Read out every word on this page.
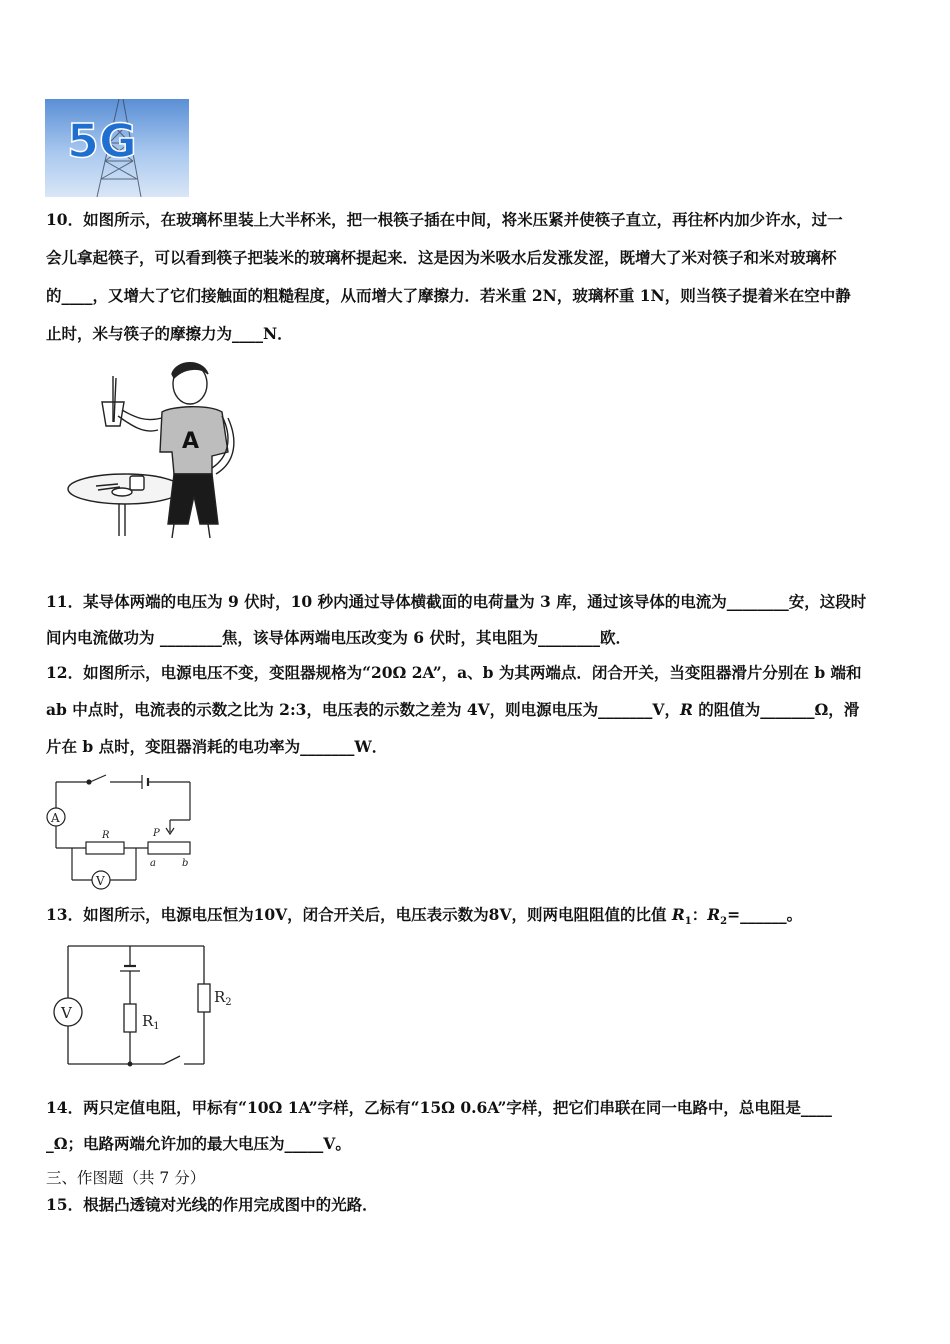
5G
10．如图所示，在玻璃杯里装上大半杯米，把一根筷子插在中间，将米压紧并使筷子直立，再往杯内加少许水，过一
会儿拿起筷子，可以看到筷子把装米的玻璃杯提起来．这是因为米吸水后发涨发涩，既增大了米对筷子和米对玻璃杯
的____，又增大了它们接触面的粗糙程度，从而增大了摩擦力．若米重 2N，玻璃杯重 1N，则当筷子提着米在空中静
止时，米与筷子的摩擦力为____N．
A
11．某导体两端的电压为 9 伏时，10 秒内通过导体横截面的电荷量为 3 库，通过该导体的电流为________安，这段时
间内电流做功为 ________焦，该导体两端电压改变为 6 伏时，其电阻为________欧．
12．如图所示，电源电压不变，变阻器规格为“20Ω 2A”，a、b 为其两端点．闭合开关，当变阻器滑片分别在 b 端和
ab 中点时，电流表的示数之比为 2:3，电压表的示数之差为 4V，则电源电压为_______V，R 的阻值为_______Ω，滑
片在 b 点时，变阻器消耗的电功率为_______W．
A
R	P
a	b
V
13．如图所示，电源电压恒为10V，闭合开关后，电压表示数为8V，则两电阻阻值的比值 $R_1$：$R_2=\_\_\_\_\_\_$。
V	$R_1$
$R_2$
14．两只定值电阻，甲标有“10Ω 1A”字样，乙标有“15Ω 0.6A”字样，把它们串联在同一电路中，总电阻是____
_Ω；电路两端允许加的最大电压为_____V。
三、作图题（共 7 分）
15．根据凸透镜对光线的作用完成图中的光路．
